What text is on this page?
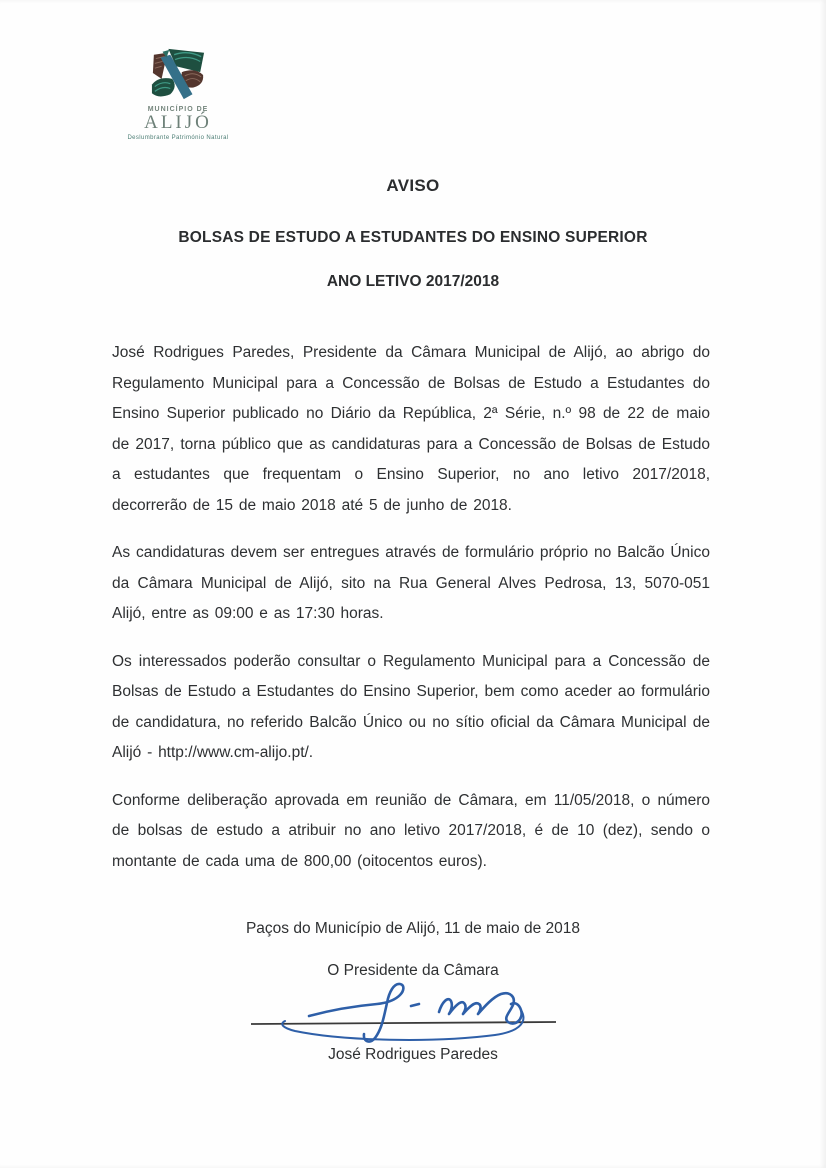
MUNICÍPIO DE
ALIJÓ
Deslumbrante Património Natural
AVISO
BOLSAS DE ESTUDO A ESTUDANTES DO ENSINO SUPERIOR
ANO LETIVO 2017/2018

José Rodrigues Paredes, Presidente da Câmara Municipal de Alijó, ao abrigo do Regulamento Municipal para a Concessão de Bolsas de Estudo a Estudantes do Ensino Superior publicado no Diário da República, 2ª Série, n.º 98 de 22 de maio de 2017, torna público que as candidaturas para a Concessão de Bolsas de Estudo a estudantes que frequentam o Ensino Superior, no ano letivo 2017/2018, decorrerão de 15 de maio 2018 até 5 de junho de 2018.

As candidaturas devem ser entregues através de formulário próprio no Balcão Único da Câmara Municipal de Alijó, sito na Rua General Alves Pedrosa, 13, 5070-051 Alijó, entre as 09:00 e as 17:30 horas.

Os interessados poderão consultar o Regulamento Municipal para a Concessão de Bolsas de Estudo a Estudantes do Ensino Superior, bem como aceder ao formulário de candidatura, no referido Balcão Único ou no sítio oficial da Câmara Municipal de Alijó - http://www.cm-alijo.pt/.

Conforme deliberação aprovada em reunião de Câmara, em 11/05/2018, o número de bolsas de estudo a atribuir no ano letivo 2017/2018, é de 10 (dez), sendo o montante de cada uma de 800,00 (oitocentos euros).

Paços do Município de Alijó, 11 de maio de 2018
O Presidente da Câmara
José Rodrigues Paredes
